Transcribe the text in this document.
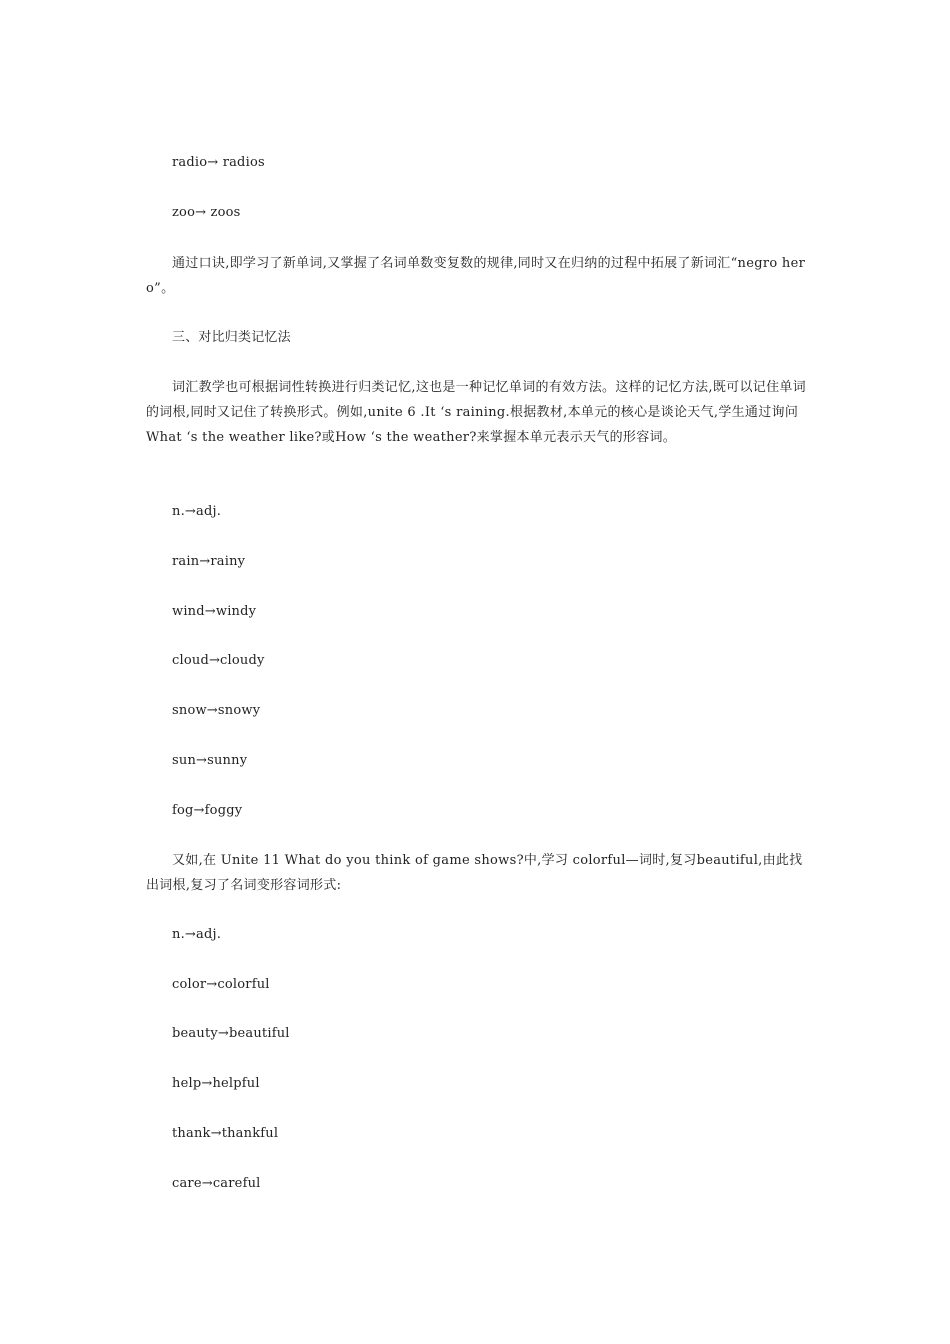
radio→ radios
zoo→ zoos
通过口诀,即学习了新单词,又掌握了名词单数变复数的规律,同时又在归纳的过程中拓展了新词汇“negro hero”。
三、对比归类记忆法
词汇教学也可根据词性转换进行归类记忆,这也是一种记忆单词的有效方法。这样的记忆方法,既可以记住单词的词根,同时又记住了转换形式。例如,unite 6 .It ‘s raining.根据教材,本单元的核心是谈论天气,学生通过询问 What ‘s the weather like?或How ‘s the weather?来掌握本单元表示天气的形容词。
n.→adj.
rain→rainy
wind→windy
cloud→cloudy
snow→snowy
sun→sunny
fog→foggy
又如,在 Unite 11 What do you think of game shows?中,学习 colorful—词时,复习beautiful,由此找出词根,复习了名词变形容词形式:
n.→adj.
color→colorful
beauty→beautiful
help→helpful
thank→thankful
care→careful
